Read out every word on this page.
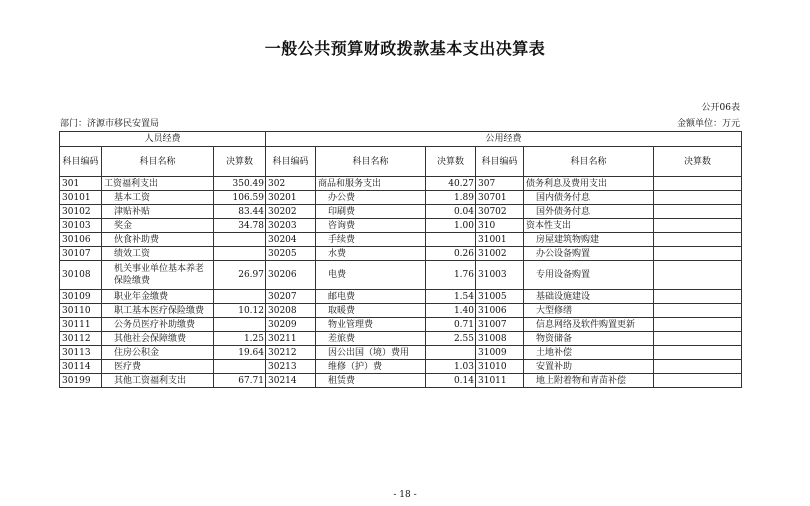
一般公共预算财政拨款基本支出决算表
公开06表
部门：济源市移民安置局	金额单位：万元
人员经费			公用经费					
科目编码	科目名称	决算数	科目编码	科目名称	决算数	科目编码	科目名称	决算数
301	工资福利支出	350.49	302	商品和服务支出	40.27	307	债务利息及费用支出	
30101	基本工资	106.59	30201	办公费	1.89	30701	国内债务付息	
30102	津贴补贴	83.44	30202	印刷费	0.04	30702	国外债务付息	
30103	奖金	34.78	30203	咨询费	1.00	310	资本性支出	
30106	伙食补助费		30204	手续费		31001	房屋建筑物购建	
30107	绩效工资		30205	水费	0.26	31002	办公设备购置	
30108	机关事业单位基本养老保险缴费	26.97	30206	电费	1.76	31003	专用设备购置	
30109	职业年金缴费		30207	邮电费	1.54	31005	基础设施建设	
30110	职工基本医疗保险缴费	10.12	30208	取暖费	1.40	31006	大型修缮	
30111	公务员医疗补助缴费		30209	物业管理费	0.71	31007	信息网络及软件购置更新	
30112	其他社会保障缴费	1.25	30211	差旅费	2.55	31008	物资储备	
30113	住房公积金	19.64	30212	因公出国（境）费用		31009	土地补偿	
30114	医疗费		30213	维修（护）费	1.03	31010	安置补助	
30199	其他工资福利支出	67.71	30214	租赁费	0.14	31011	地上附着物和青苗补偿	
- 18 -
